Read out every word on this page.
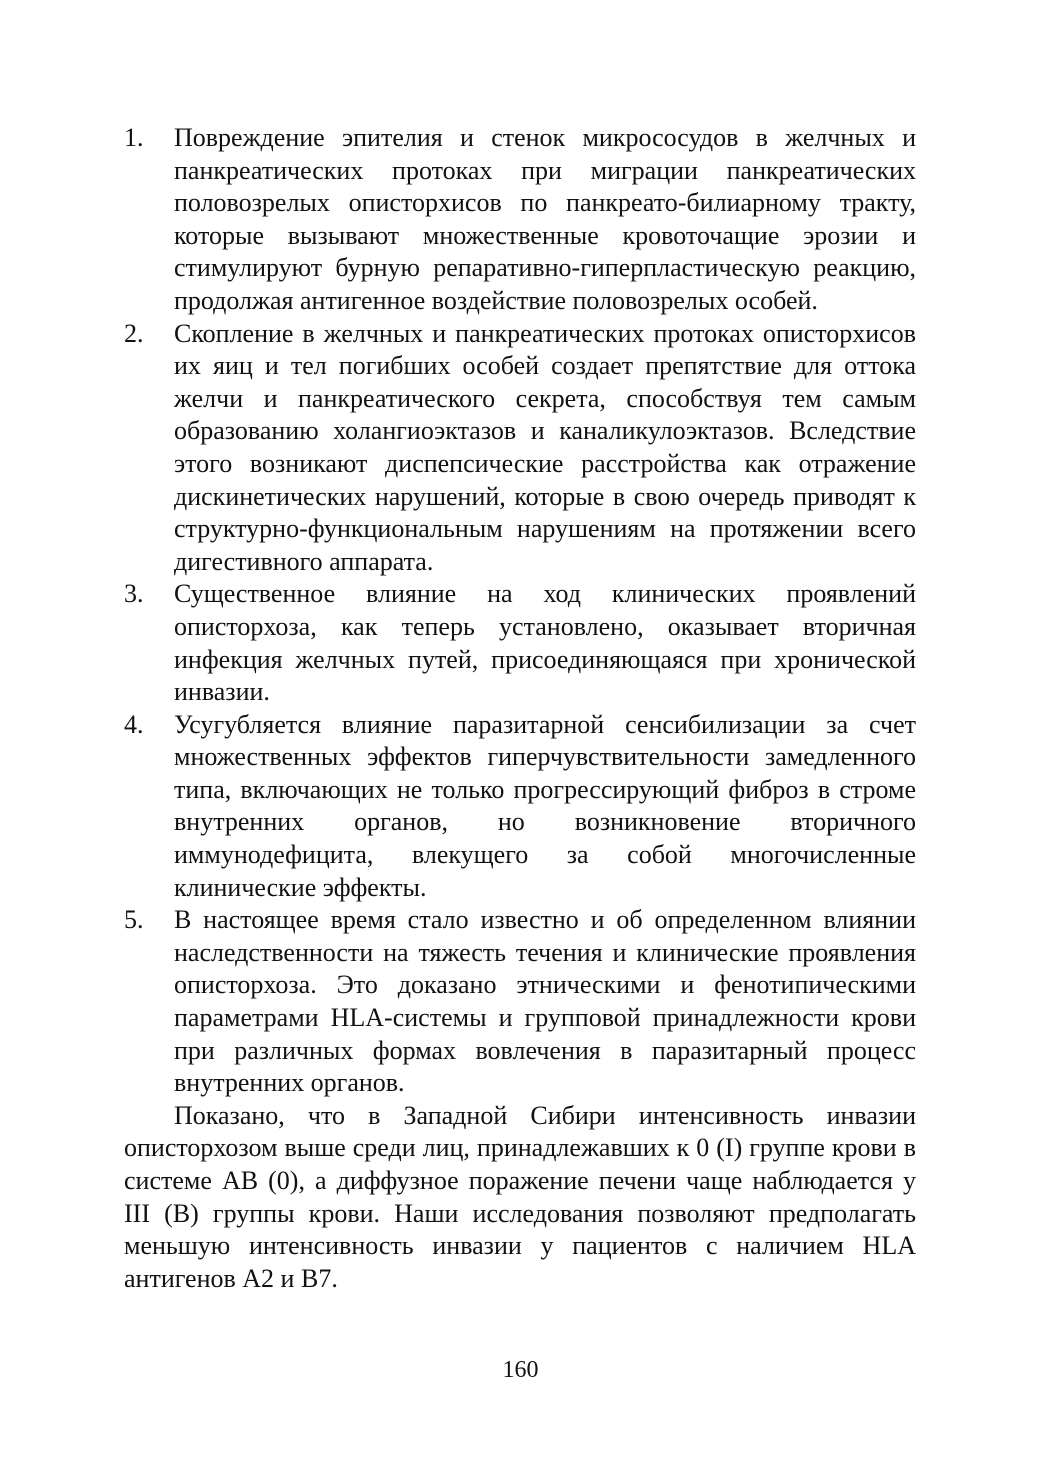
1.	Повреждение эпителия и стенок микрососудов в желчных и панкреатических протоках при миграции панкреатических половозрелых описторхисов по панкреато-билиарному тракту, которые вызывают множественные кровоточащие эрозии и стимулируют бурную репаративно-гиперпластическую реакцию, продолжая антигенное воздействие половозрелых особей.
2.	Скопление в желчных и панкреатических протоках описторхисов их яиц и тел погибших особей создает препятствие для оттока желчи и панкреатического секрета, способствуя тем самым образованию холангиоэктазов и каналикулоэктазов. Вследствие этого возникают диспепсические расстройства как отражение дискинетических нарушений, которые в свою очередь приводят к структурно-функциональным нарушениям на протяжении всего дигестивного аппарата.
3.	Существенное влияние на ход клинических проявлений описторхоза, как теперь установлено, оказывает вторичная инфекция желчных путей, присоединяющаяся при хронической инвазии.
4.	Усугубляется влияние паразитарной сенсибилизации за счет множественных эффектов гиперчувствительности замедленного типа, включающих не только прогрессирующий фиброз в строме внутренних органов, но возникновение вторичного иммунодефицита, влекущего за собой многочисленные клинические эффекты.
5.	В настоящее время стало известно и об определенном влиянии наследственности на тяжесть течения и клинические проявления описторхоза. Это доказано этническими и фенотипическими параметрами HLA-системы и групповой принадлежности крови при различных формах вовлечения в паразитарный процесс внутренних органов.

Показано, что в Западной Сибири интенсивность инвазии описторхозом выше среди лиц, принадлежавших к 0 (I) группе крови в системе АВ (0), а диффузное поражение печени чаще наблюдается у III (В) группы крови. Наши исследования позволяют предполагать меньшую интенсивность инвазии у пациентов с наличием HLA антигенов А2 и В7.

160
